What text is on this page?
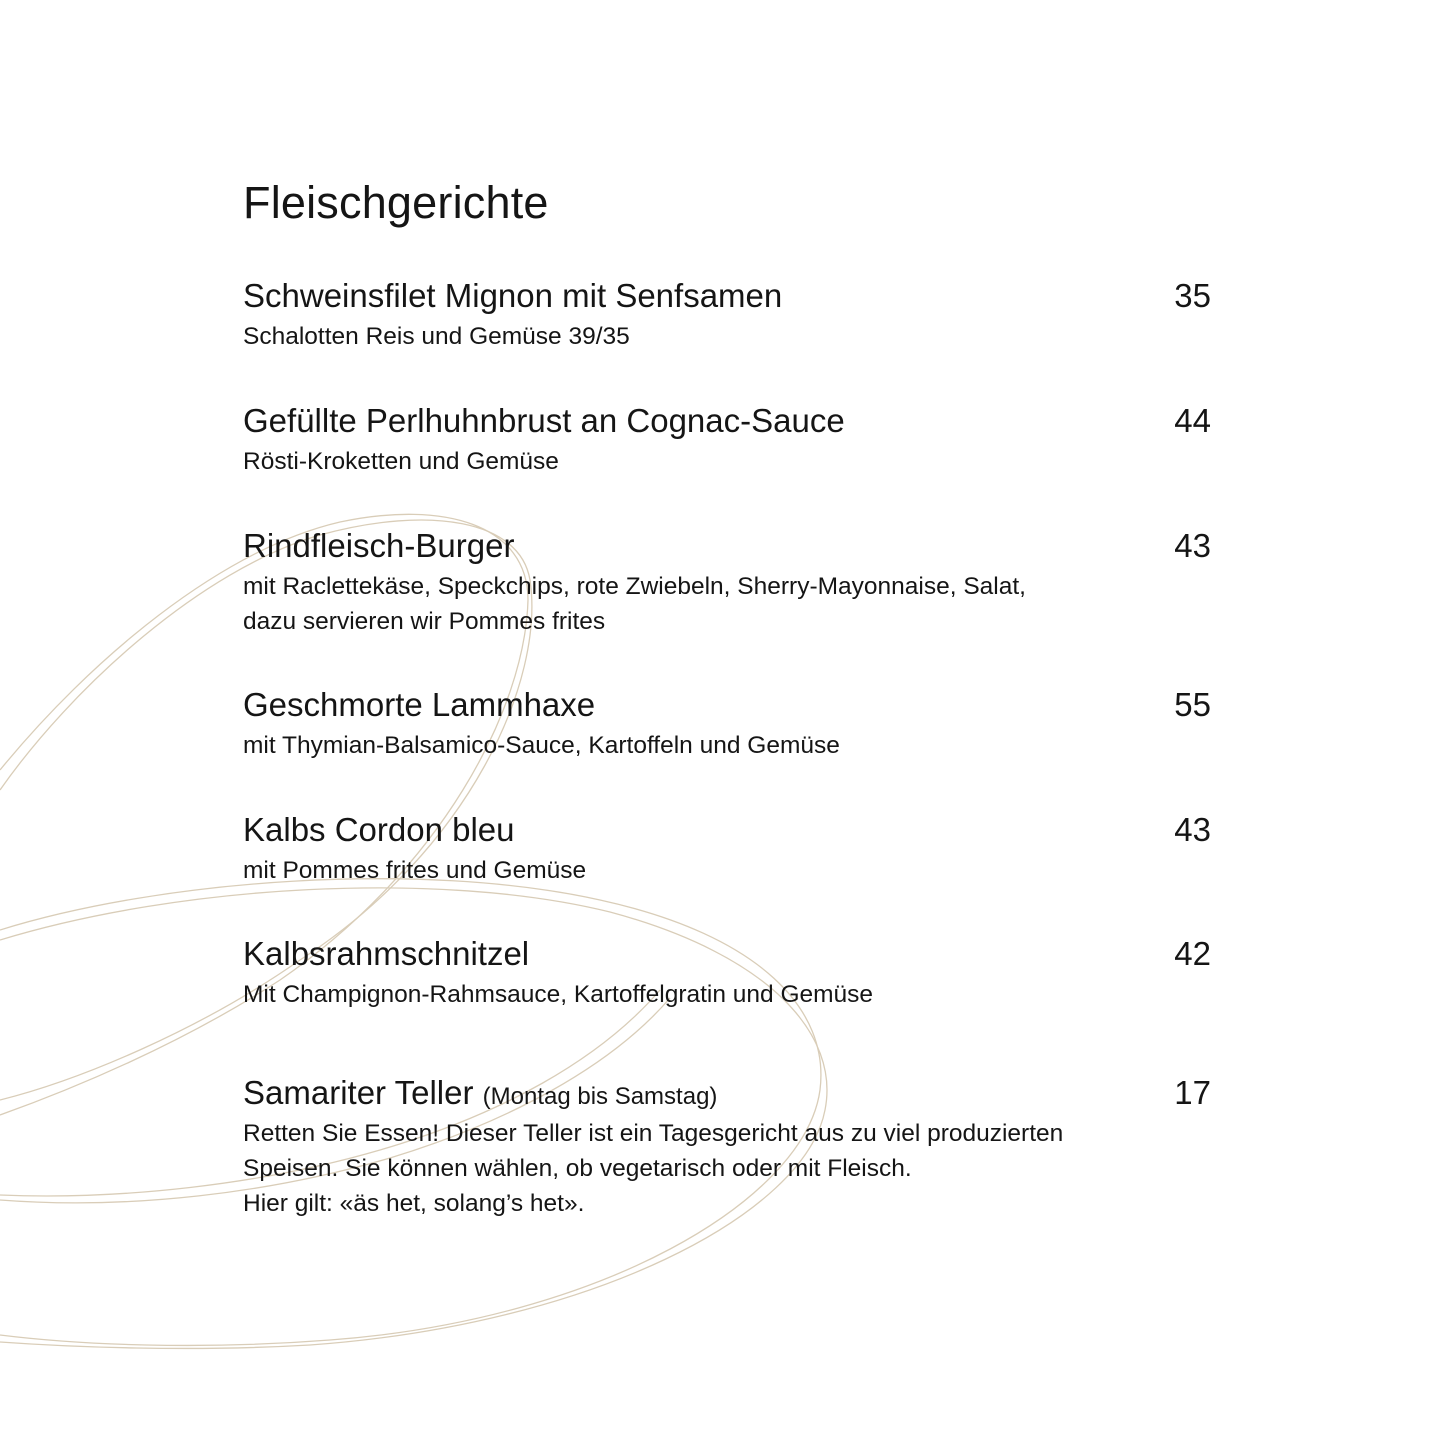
Fleischgerichte
Schweinsfilet Mignon mit Senfsamen	35
Schalotten Reis und Gemüse 39/35
Gefüllte Perlhuhnbrust an Cognac-Sauce	44
Rösti-Kroketten und Gemüse
Rindfleisch-Burger	43
mit Raclettekäse, Speckchips, rote Zwiebeln, Sherry-Mayonnaise, Salat,
dazu servieren wir Pommes frites
Geschmorte Lammhaxe	55
mit Thymian-Balsamico-Sauce, Kartoffeln und Gemüse
Kalbs Cordon bleu	43
mit Pommes frites und Gemüse
Kalbsrahmschnitzel	42
Mit Champignon-Rahmsauce, Kartoffelgratin und Gemüse
Samariter Teller (Montag bis Samstag)	17
Retten Sie Essen! Dieser Teller ist ein Tagesgericht aus zu viel produzierten
Speisen. Sie können wählen, ob vegetarisch oder mit Fleisch.
Hier gilt: «äs het, solang’s het».
